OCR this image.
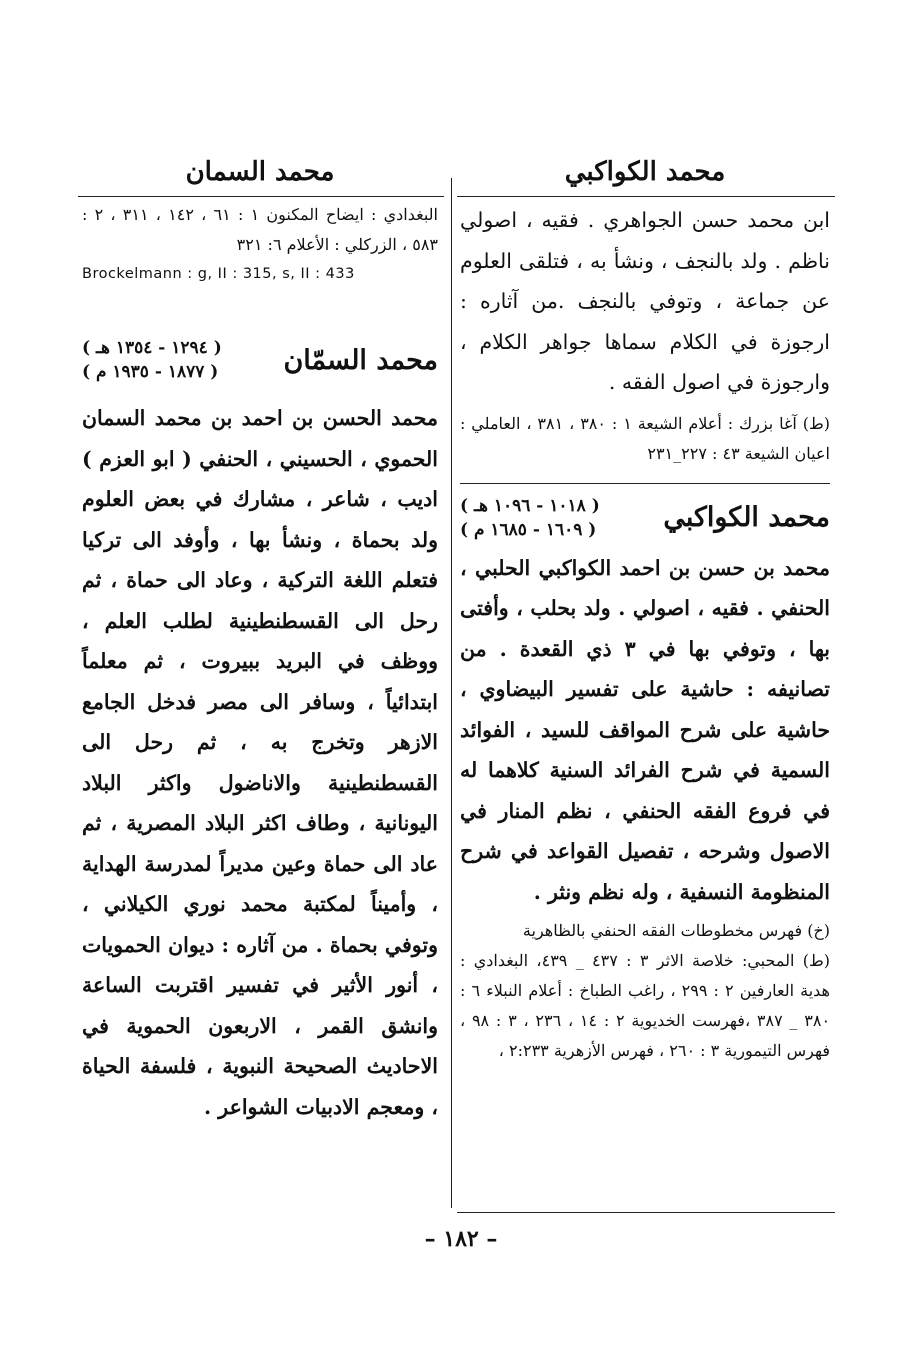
محمد الكواكبي
محمد السمان

ابن محمد حسن الجواهري . فقيه ، اصولي ناظم . ولد بالنجف ، ونشأ به ، فتلقى العلوم عن جماعة ، وتوفي بالنجف .من آثاره : ارجوزة في الكلام سماها جواهر الكلام ، وارجوزة في اصول الفقه .

(ط) آغا بزرك : أعلام الشيعة ١ : ٣٨٠ ، ٣٨١ ، العاملي : اعيان الشيعة ٤٣ : ٢٢٧_٢٣١

محمد الكواكبي
( ١٠١٨ - ١٠٩٦ هـ )
( ١٦٠٩ - ١٦٨٥ م )

محمد بن حسن بن احمد الكواكبي الحلبي ، الحنفي . فقيه ، اصولي . ولد بحلب ، وأفتى بها ، وتوفي بها في ٣ ذي القعدة . من تصانيفه : حاشية على تفسير البيضاوي ، حاشية على شرح المواقف للسيد ، الفوائد السمية في شرح الفرائد السنية كلاهما له في فروع الفقه الحنفي ، نظم المنار في الاصول وشرحه ، تفصيل القواعد في شرح المنظومة النسفية ، وله نظم ونثر .

(خ) فهرس مخطوطات الفقه الحنفي بالظاهرية

(ط) المحبي: خلاصة الاثر ٣ : ٤٣٧ _ ٤٣٩، البغدادي : هدية العارفين ٢ : ٢٩٩ ، راغب الطباخ : أعلام النبلاء ٦ : ٣٨٠ _ ٣٨٧ ،فهرست الخديوية ٢ : ١٤ ، ٢٣٦ ، ٣ : ٩٨ ، فهرس التيمورية ٣ : ٢٦٠ ، فهرس الأزهرية ٢:٢٣٣ ،

البغدادي : ايضاح المكنون ١ : ٦١ ، ١٤٢ ، ٣١١ ، ٢ : ٥٨٣ ، الزركلي : الأعلام ٦: ٣٢١

Brockelmann : g, II : 315, s, II : 433

محمد السمّان
( ١٢٩٤ - ١٣٥٤ هـ )
( ١٨٧٧ - ١٩٣٥ م )

محمد الحسن بن احمد بن محمد السمان الحموي ، الحسيني ، الحنفي ( ابو العزم ) اديب ، شاعر ، مشارك في بعض العلوم ولد بحماة ، ونشأ بها ، وأوفد الى تركيا فتعلم اللغة التركية ، وعاد الى حماة ، ثم رحل الى القسطنطينية لطلب العلم ، ووظف في البريد ببيروت ، ثم معلماً ابتدائياً ، وسافر الى مصر فدخل الجامع الازهر وتخرج به ، ثم رحل الى القسطنطينية والاناضول واكثر البلاد اليونانية ، وطاف اكثر البلاد المصرية ، ثم عاد الى حماة وعين مديراً لمدرسة الهداية ، وأميناً لمكتبة محمد نوري الكيلاني ، وتوفي بحماة . من آثاره : ديوان الحمويات ، أنور الأثير في تفسير اقتربت الساعة وانشق القمر ، الاربعون الحموية في الاحاديث الصحيحة النبوية ، فلسفة الحياة ، ومعجم الادبيات الشواعر .

– ١٨٢ –
